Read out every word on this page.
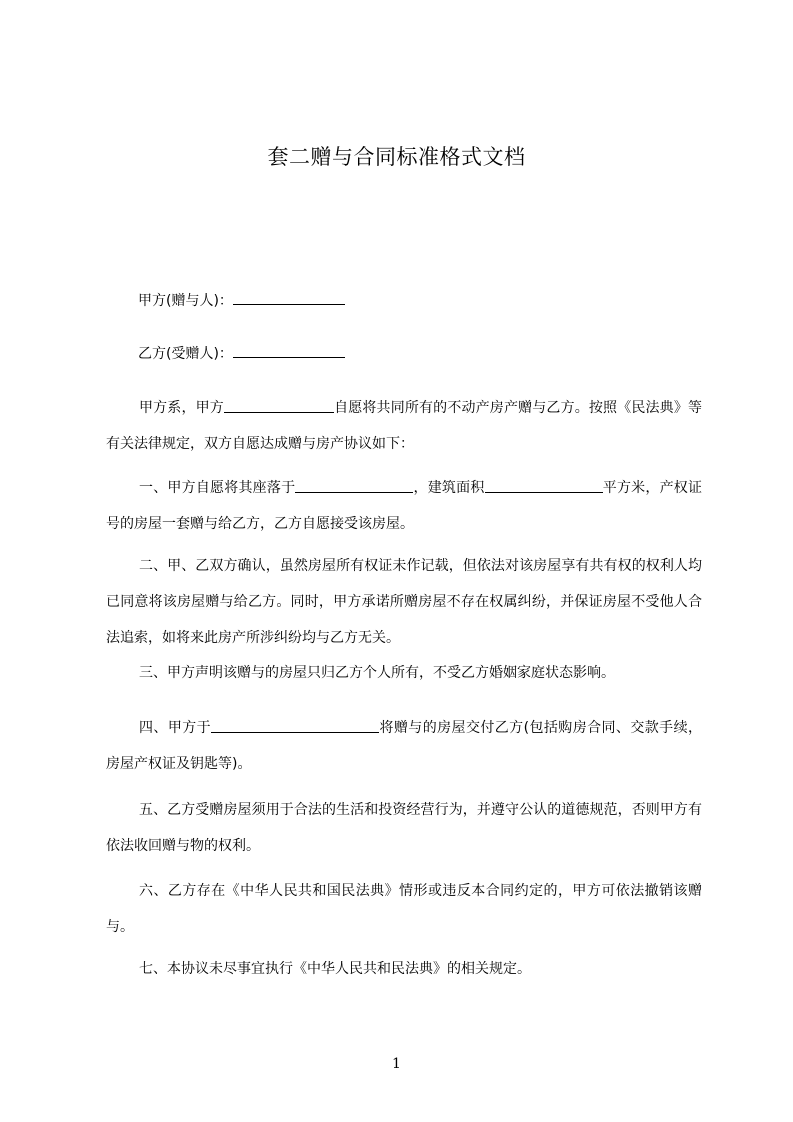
套二赠与合同标准格式文档
甲方(赠与人)：
乙方(受赠人)：
甲方系，甲方	自愿将共同所有的不动产房产赠与乙方。按照《民法典》等有关法律规定，双方自愿达成赠与房产协议如下：
一、甲方自愿将其座落于	，建筑面积	平方米，产权证号的房屋一套赠与给乙方，乙方自愿接受该房屋。
二、甲、乙双方确认，虽然房屋所有权证未作记载，但依法对该房屋享有共有权的权利人均已同意将该房屋赠与给乙方。同时，甲方承诺所赠房屋不存在权属纠纷，并保证房屋不受他人合法追索，如将来此房产所涉纠纷均与乙方无关。
三、甲方声明该赠与的房屋只归乙方个人所有，不受乙方婚姻家庭状态影响。
四、甲方于	将赠与的房屋交付乙方(包括购房合同、交款手续，房屋产权证及钥匙等)。
五、乙方受赠房屋须用于合法的生活和投资经营行为，并遵守公认的道德规范，否则甲方有依法收回赠与物的权利。
六、乙方存在《中华人民共和国民法典》情形或违反本合同约定的，甲方可依法撤销该赠与。
七、本协议未尽事宜执行《中华人民共和民法典》的相关规定。
1
